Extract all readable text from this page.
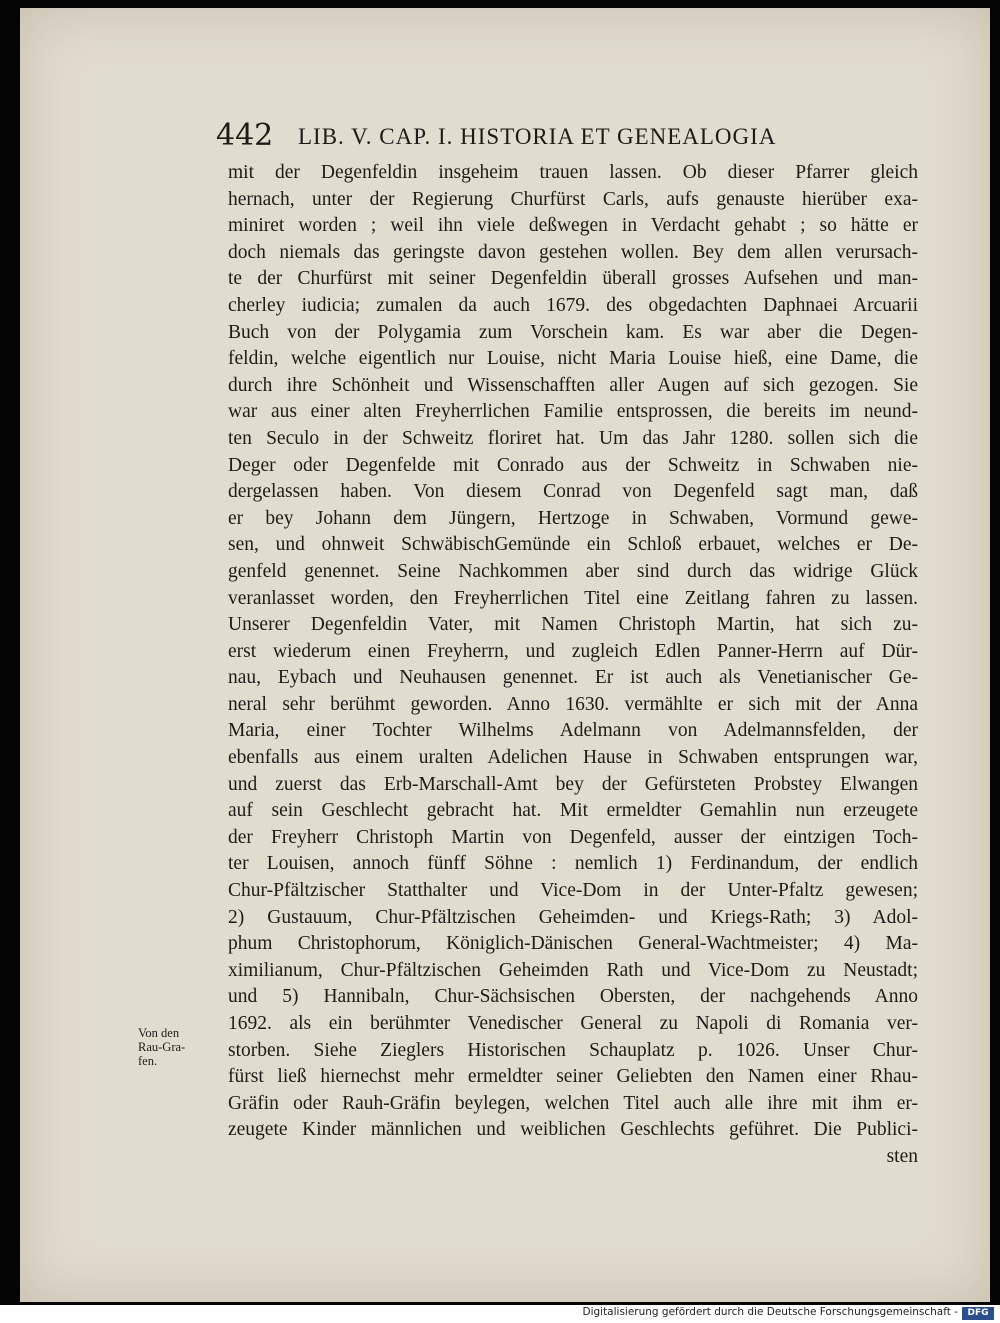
442 LIB. V. CAP. I. HISTORIA ET GENEALOGIA
mit der Degenfeldin insgeheim trauen lassen. Ob dieser Pfarrer gleich
hernach, unter der Regierung Churfürst Carls, aufs genauste hierüber exa-
miniret worden ; weil ihn viele deßwegen in Verdacht gehabt ; so hätte er
doch niemals das geringste davon gestehen wollen. Bey dem allen verursach-
te der Churfürst mit seiner Degenfeldin überall grosses Aufsehen und man-
cherley iudicia; zumalen da auch 1679. des obgedachten Daphnaei Arcuarii
Buch von der Polygamia zum Vorschein kam. Es war aber die Degen-
feldin, welche eigentlich nur Louise, nicht Maria Louise hieß, eine Dame, die
durch ihre Schönheit und Wissenschafften aller Augen auf sich gezogen. Sie
war aus einer alten Freyherrlichen Familie entsprossen, die bereits im neund-
ten Seculo in der Schweitz floriret hat. Um das Jahr 1280. sollen sich die
Deger oder Degenfelde mit Conrado aus der Schweitz in Schwaben nie-
dergelassen haben. Von diesem Conrad von Degenfeld sagt man, daß
er bey Johann dem Jüngern, Hertzoge in Schwaben, Vormund gewe-
sen, und ohnweit SchwäbischGemünde ein Schloß erbauet, welches er De-
genfeld genennet. Seine Nachkommen aber sind durch das widrige Glück
veranlasset worden, den Freyherrlichen Titel eine Zeitlang fahren zu lassen.
Unserer Degenfeldin Vater, mit Namen Christoph Martin, hat sich zu-
erst wiederum einen Freyherrn, und zugleich Edlen Panner-Herrn auf Dür-
nau, Eybach und Neuhausen genennet. Er ist auch als Venetianischer Ge-
neral sehr berühmt geworden. Anno 1630. vermählte er sich mit der Anna
Maria, einer Tochter Wilhelms Adelmann von Adelmannsfelden, der
ebenfalls aus einem uralten Adelichen Hause in Schwaben entsprungen war,
und zuerst das Erb-Marschall-Amt bey der Gefürsteten Probstey Elwangen
auf sein Geschlecht gebracht hat. Mit ermeldter Gemahlin nun erzeugete
der Freyherr Christoph Martin von Degenfeld, ausser der eintzigen Toch-
ter Louisen, annoch fünff Söhne : nemlich 1) Ferdinandum, der endlich
Chur-Pfältzischer Statthalter und Vice-Dom in der Unter-Pfaltz gewesen;
2) Gustauum, Chur-Pfältzischen Geheimden- und Kriegs-Rath; 3) Adol-
phum Christophorum, Königlich-Dänischen General-Wachtmeister; 4) Ma-
ximilianum, Chur-Pfältzischen Geheimden Rath und Vice-Dom zu Neustadt;
und 5) Hannibaln, Chur-Sächsischen Obersten, der nachgehends Anno
1692. als ein berühmter Venedischer General zu Napoli di Romania ver-
storben. Siehe Zieglers Historischen Schauplatz p. 1026. Unser Chur-
fürst ließ hiernechst mehr ermeldter seiner Geliebten den Namen einer Rhau-
Gräfin oder Rauh-Gräfin beylegen, welchen Titel auch alle ihre mit ihm er-
zeugete Kinder männlichen und weiblichen Geschlechts geführet. Die Publici-
sten
Von den
Rau-Gra-
fen.
Digitalisierung gefördert durch die Deutsche Forschungsgemeinschaft -	DFG
